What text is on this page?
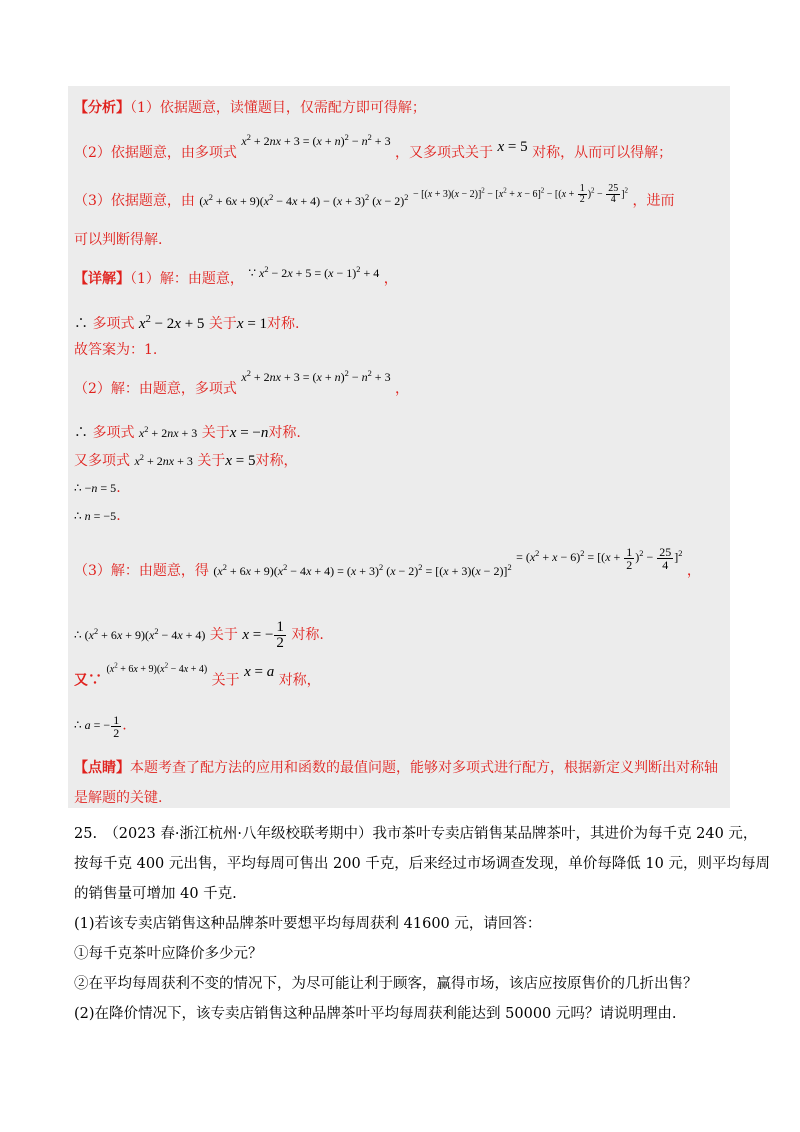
【分析】（1）依据题意，读懂题目，仅需配方即可得解；
（2）依据题意，由多项式 $x^2 + 2nx + 3 = (x + n)^2 - n^2 + 3$ ，又多项式关于 x = 5 对称，从而可以得解；
（3）依据题意，由 $(x^2 + 6x + 9)(x^2 - 4x + 4) - (x + 3)^2$ $(x - 2)^2$ $^{- [(x + 3)(x - 2)]^2 - [x^2 + x - 6]^2 - [(x + \frac{1}{2} )^2 - \frac{25}{4} ]^2}$ ，进而
可以判断得解.
【详解】（1）解：由题意， ∵ $x^2 - 2x + 5 = (x - 1)^2 + 4$ ，
∴ 多项式 $x^2 - 2x + 5$ 关于x = 1对称.
故答案为：1.
（2）解：由题意，多项式 $x^2 + 2nx + 3 = (x + n)^2 - n^2 + 3$ ，
∴ 多项式 $x^2 + 2nx + 3$ 关于x = −n对称.
又多项式 $x^2 + 2nx + 3$ 关于x = 5对称，
∴ −n = 5.
∴ n = −5.
（3）解：由题意，得 $(x^2 + 6x + 9)(x^2 - 4x + 4) = (x + 3)^2$ $(x - 2)^2 = [(x + 3)(x - 2)]^2 = (x^2 + x - 6)^2 = [(x + \frac{1}{2} )^2 - \frac{25}{4} ]^2$ ，
∴ $(x^2 + 6x + 9)(x^2 - 4x + 4)$ 关于 x = − $\frac{1}{2}$ 对称.
又∵ $^{(x^2 + 6x + 9)(x^2 - 4x + 4)}$ 关于 x = a 对称，
∴ a = − $\frac{1}{2}$ .
【点睛】本题考查了配方法的应用和函数的最值问题，能够对多项式进行配方，根据新定义判断出对称轴
是解题的关键.
25.　（2023 春·浙江杭州·八年级校联考期中）我市茶叶专卖店销售某品牌茶叶，其进价为每千克 240 元，
按每千克 400 元出售，平均每周可售出 200 千克，后来经过市场调查发现，单价每降低 10 元，则平均每周
的销售量可增加 40 千克.
(1)若该专卖店销售这种品牌茶叶要想平均每周获利 41600 元，请回答：
①每千克茶叶应降价多少元？
②在平均每周获利不变的情况下，为尽可能让利于顾客，赢得市场，该店应按原售价的几折出售？
(2)在降价情况下，该专卖店销售这种品牌茶叶平均每周获利能达到 50000 元吗？请说明理由.
